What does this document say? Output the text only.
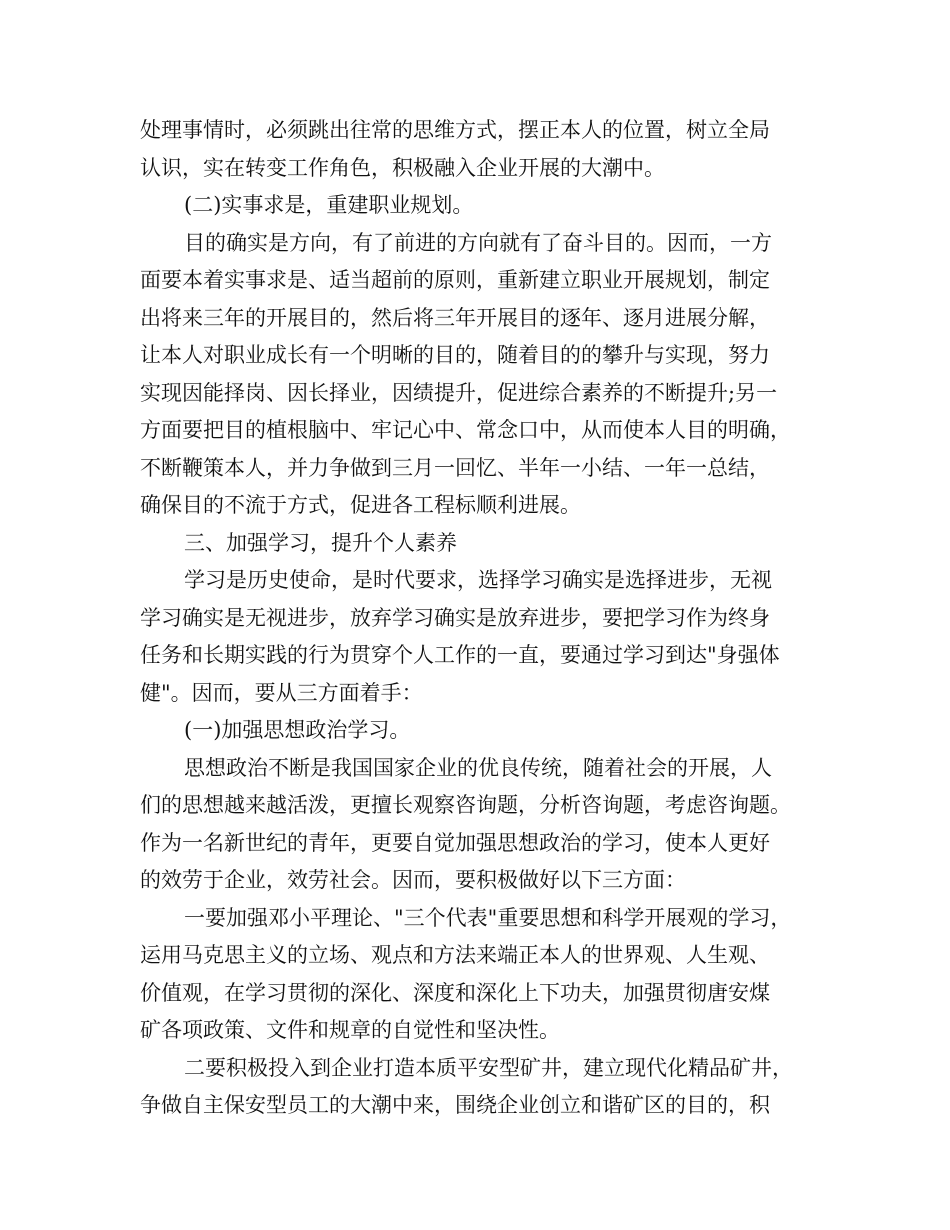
处理事情时，必须跳出往常的思维方式，摆正本人的位置，树立全局
认识，实在转变工作角色，积极融入企业开展的大潮中。
(二)实事求是，重建职业规划。
目的确实是方向，有了前进的方向就有了奋斗目的。因而，一方
面要本着实事求是、适当超前的原则，重新建立职业开展规划，制定
出将来三年的开展目的，然后将三年开展目的逐年、逐月进展分解，
让本人对职业成长有一个明晰的目的，随着目的的攀升与实现，努力
实现因能择岗、因长择业，因绩提升，促进综合素养的不断提升;另一
方面要把目的植根脑中、牢记心中、常念口中，从而使本人目的明确，
不断鞭策本人，并力争做到三月一回忆、半年一小结、一年一总结，
确保目的不流于方式，促进各工程标顺利进展。
三、加强学习，提升个人素养
学习是历史使命，是时代要求，选择学习确实是选择进步，无视
学习确实是无视进步，放弃学习确实是放弃进步，要把学习作为终身
任务和长期实践的行为贯穿个人工作的一直，要通过学习到达"身强体
健"。因而，要从三方面着手：
(一)加强思想政治学习。
思想政治不断是我国国家企业的优良传统，随着社会的开展，人
们的思想越来越活泼，更擅长观察咨询题，分析咨询题，考虑咨询题。
作为一名新世纪的青年，更要自觉加强思想政治的学习，使本人更好
的效劳于企业，效劳社会。因而，要积极做好以下三方面：
一要加强邓小平理论、"三个代表"重要思想和科学开展观的学习，
运用马克思主义的立场、观点和方法来端正本人的世界观、人生观、
价值观，在学习贯彻的深化、深度和深化上下功夫，加强贯彻唐安煤
矿各项政策、文件和规章的自觉性和坚决性。
二要积极投入到企业打造本质平安型矿井，建立现代化精品矿井，
争做自主保安型员工的大潮中来，围绕企业创立和谐矿区的目的，积
